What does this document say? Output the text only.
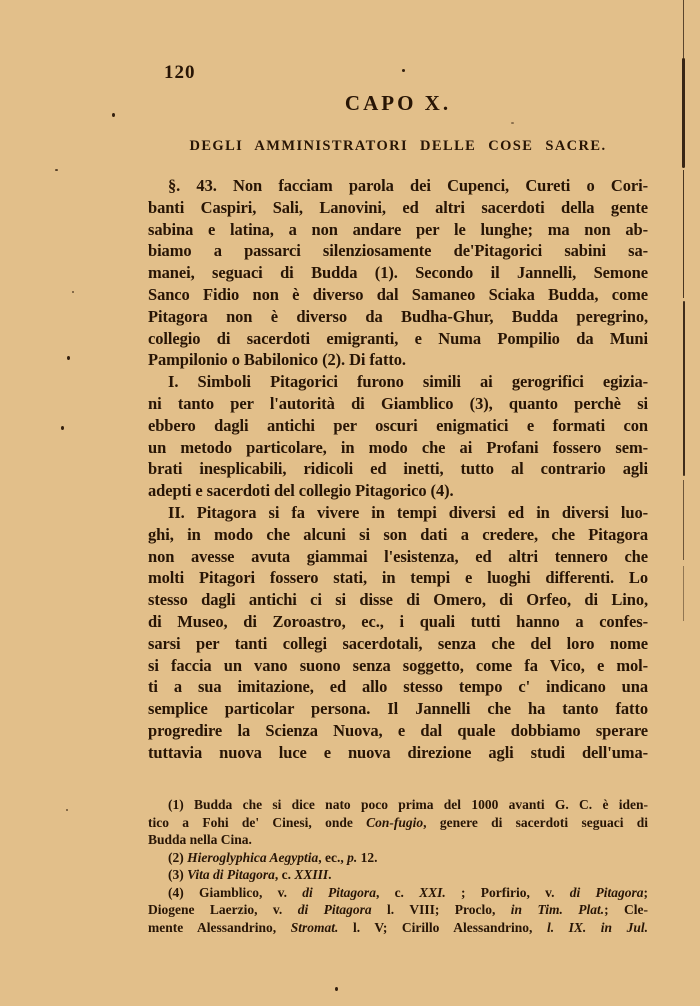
120
CAPO X.
DEGLI AMMINISTRATORI DELLE COSE SACRE.
§. 43. Non facciam parola dei Cupenci, Cureti o Cori-
banti Caspiri, Sali, Lanovini, ed altri sacerdoti della gente
sabina e latina, a non andare per le lunghe; ma non ab-
biamo a passarci silenziosamente de'Pitagorici sabini sa-
manei, seguaci di Budda (1). Secondo il Jannelli, Semone
Sanco Fidio non è diverso dal Samaneo Sciaka Budda, come
Pitagora non è diverso da Budha-Ghur, Budda peregrino,
collegio di sacerdoti emigranti, e Numa Pompilio da Muni
Pampilonio o Babilonico (2). Di fatto.
I. Simboli Pitagorici furono simili ai gerogrifici egizia-
ni tanto per l'autorità di Giamblico (3), quanto perchè si
ebbero dagli antichi per oscuri enigmatici e formati con
un metodo particolare, in modo che ai Profani fossero sem-
brati inesplicabili, ridicoli ed inetti, tutto al contrario agli
adepti e sacerdoti del collegio Pitagorico (4).
II. Pitagora si fa vivere in tempi diversi ed in diversi luo-
ghi, in modo che alcuni si son dati a credere, che Pitagora
non avesse avuta giammai l'esistenza, ed altri tennero che
molti Pitagori fossero stati, in tempi e luoghi differenti. Lo
stesso dagli antichi ci si disse di Omero, di Orfeo, di Lino,
di Museo, di Zoroastro, ec., i quali tutti hanno a confes-
sarsi per tanti collegi sacerdotali, senza che del loro nome
si faccia un vano suono senza soggetto, come fa Vico, e mol-
ti a sua imitazione, ed allo stesso tempo c' indicano una
semplice particolar persona. Il Jannelli che ha tanto fatto
progredire la Scienza Nuova, e dal quale dobbiamo sperare
tuttavia nuova luce e nuova direzione agli studi dell'uma-
(1) Budda che si dice nato poco prima del 1000 avanti G. C. è iden-
tico a Fohi de' Cinesi, onde Con-fugio, genere di sacerdoti seguaci di
Budda nella Cina.
(2) Hieroglyphica Aegyptia, ec., p. 12.
(3) Vita di Pitagora, c. XXIII.
(4) Giamblico, v. di Pitagora, c. XXI. ; Porfirio, v. di Pitagora;
Diogene Laerzio, v. di Pitagora l. VIII; Proclo, in Tim. Plat.; Cle-
mente Alessandrino, Stromat. l. V; Cirillo Alessandrino, l. IX. in Jul.
